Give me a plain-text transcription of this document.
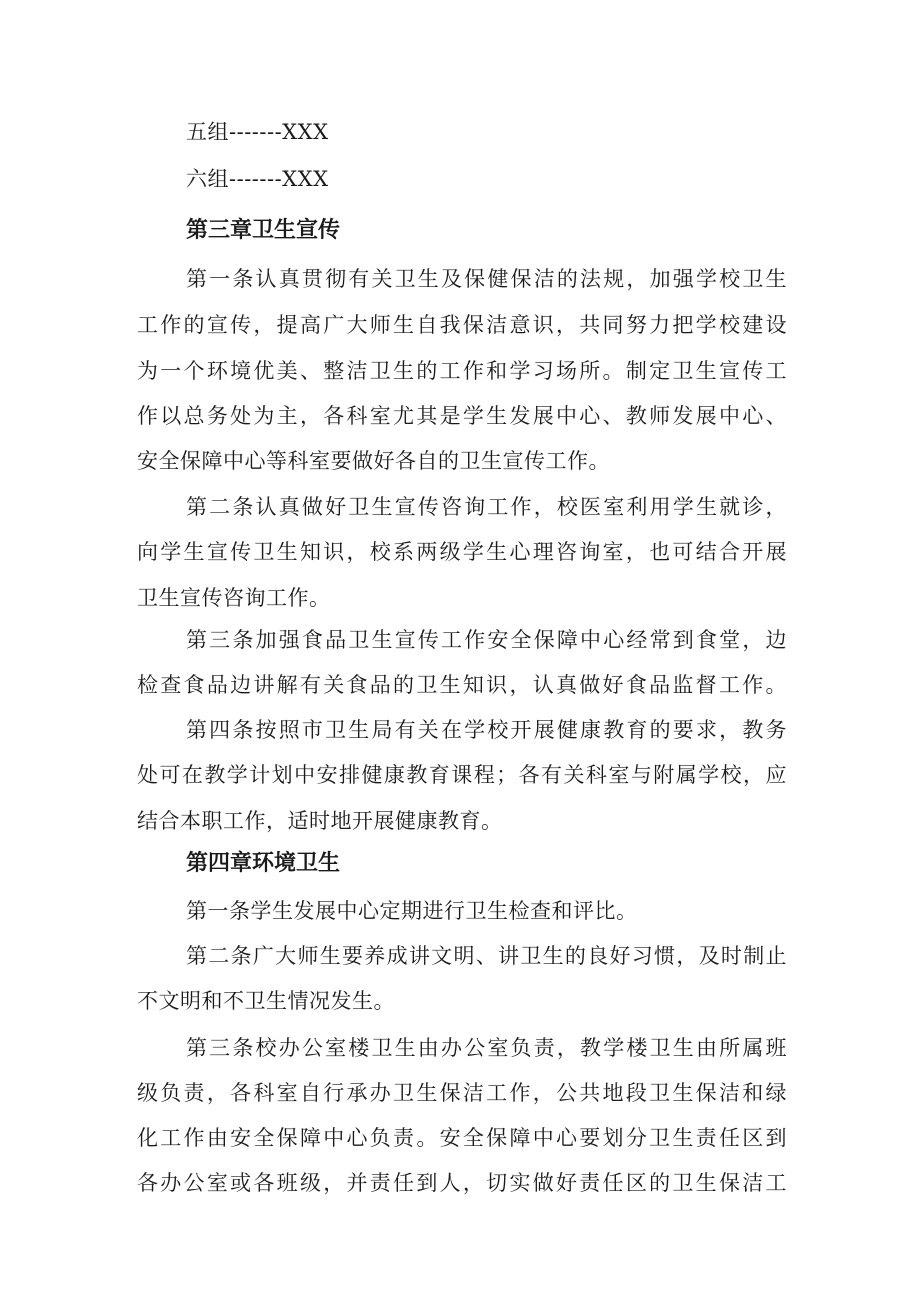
五组-------XXX
六组-------XXX
第三章卫生宣传
第一条认真贯彻有关卫生及保健保洁的法规，加强学校卫生
工作的宣传，提高广大师生自我保洁意识，共同努力把学校建设
为一个环境优美、整洁卫生的工作和学习场所。制定卫生宣传工
作以总务处为主，各科室尤其是学生发展中心、教师发展中心、
安全保障中心等科室要做好各自的卫生宣传工作。
第二条认真做好卫生宣传咨询工作，校医室利用学生就诊，
向学生宣传卫生知识，校系两级学生心理咨询室，也可结合开展
卫生宣传咨询工作。
第三条加强食品卫生宣传工作安全保障中心经常到食堂，边
检查食品边讲解有关食品的卫生知识，认真做好食品监督工作。
第四条按照市卫生局有关在学校开展健康教育的要求，教务
处可在教学计划中安排健康教育课程；各有关科室与附属学校，应
结合本职工作，适时地开展健康教育。
第四章环境卫生
第一条学生发展中心定期进行卫生检查和评比。
第二条广大师生要养成讲文明、讲卫生的良好习惯，及时制止
不文明和不卫生情况发生。
第三条校办公室楼卫生由办公室负责，教学楼卫生由所属班
级负责，各科室自行承办卫生保洁工作，公共地段卫生保洁和绿
化工作由安全保障中心负责。安全保障中心要划分卫生责任区到
各办公室或各班级，并责任到人，切实做好责任区的卫生保洁工
